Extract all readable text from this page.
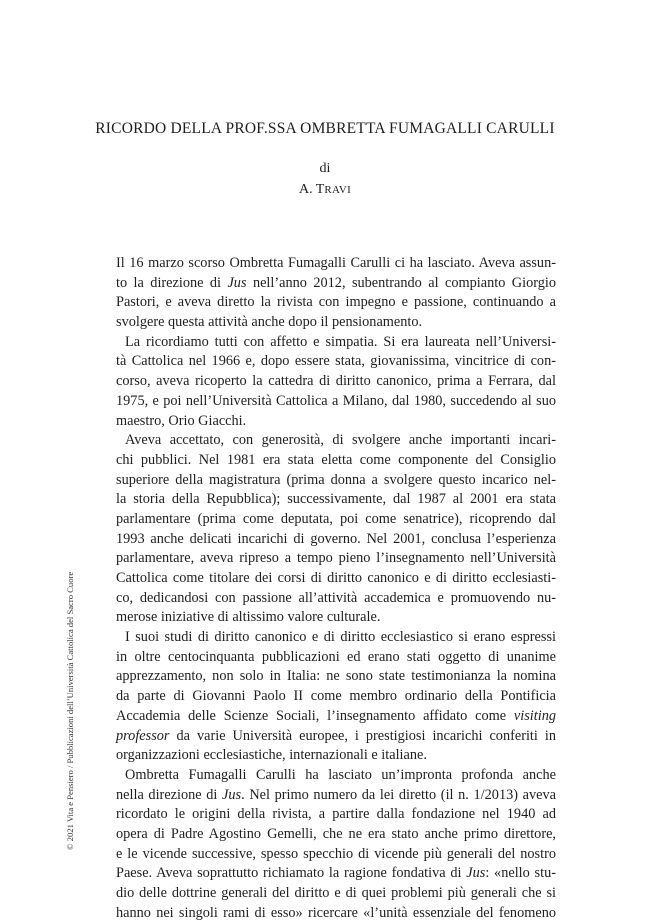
RICORDO DELLA PROF.SSA OMBRETTA FUMAGALLI CARULLI
di
A. TRAVI
Il 16 marzo scorso Ombretta Fumagalli Carulli ci ha lasciato. Aveva assun-
to la direzione di Jus nell’anno 2012, subentrando al compianto Giorgio
Pastori, e aveva diretto la rivista con impegno e passione, continuando a
svolgere questa attività anche dopo il pensionamento.
La ricordiamo tutti con affetto e simpatia. Si era laureata nell’Universi-
tà Cattolica nel 1966 e, dopo essere stata, giovanissima, vincitrice di con-
corso, aveva ricoperto la cattedra di diritto canonico, prima a Ferrara, dal
1975, e poi nell’Università Cattolica a Milano, dal 1980, succedendo al suo
maestro, Orio Giacchi.
Aveva accettato, con generosità, di svolgere anche importanti incari-
chi pubblici. Nel 1981 era stata eletta come componente del Consiglio
superiore della magistratura (prima donna a svolgere questo incarico nel-
la storia della Repubblica); successivamente, dal 1987 al 2001 era stata
parlamentare (prima come deputata, poi come senatrice), ricoprendo dal
1993 anche delicati incarichi di governo. Nel 2001, conclusa l’esperienza
parlamentare, aveva ripreso a tempo pieno l’insegnamento nell’Università
Cattolica come titolare dei corsi di diritto canonico e di diritto ecclesiasti-
co, dedicandosi con passione all’attività accademica e promuovendo nu-
merose iniziative di altissimo valore culturale.
I suoi studi di diritto canonico e di diritto ecclesiastico si erano espressi
in oltre centocinquanta pubblicazioni ed erano stati oggetto di unanime
apprezzamento, non solo in Italia: ne sono state testimonianza la nomina
da parte di Giovanni Paolo II come membro ordinario della Pontificia
Accademia delle Scienze Sociali, l’insegnamento affidato come visiting
professor da varie Università europee, i prestigiosi incarichi conferiti in
organizzazioni ecclesiastiche, internazionali e italiane.
Ombretta Fumagalli Carulli ha lasciato un’impronta profonda anche
nella direzione di Jus. Nel primo numero da lei diretto (il n. 1/2013) aveva
ricordato le origini della rivista, a partire dalla fondazione nel 1940 ad
opera di Padre Agostino Gemelli, che ne era stato anche primo direttore,
e le vicende successive, spesso specchio di vicende più generali del nostro
Paese. Aveva soprattutto richiamato la ragione fondativa di Jus: «nello stu-
dio delle dottrine generali del diritto e di quei problemi più generali che si
hanno nei singoli rami di esso» ricercare «l’unità essenziale del fenomeno
© 2021 Vita e Pensiero / Pubblicazioni dell’Università Cattolica del Sacro Cuore
